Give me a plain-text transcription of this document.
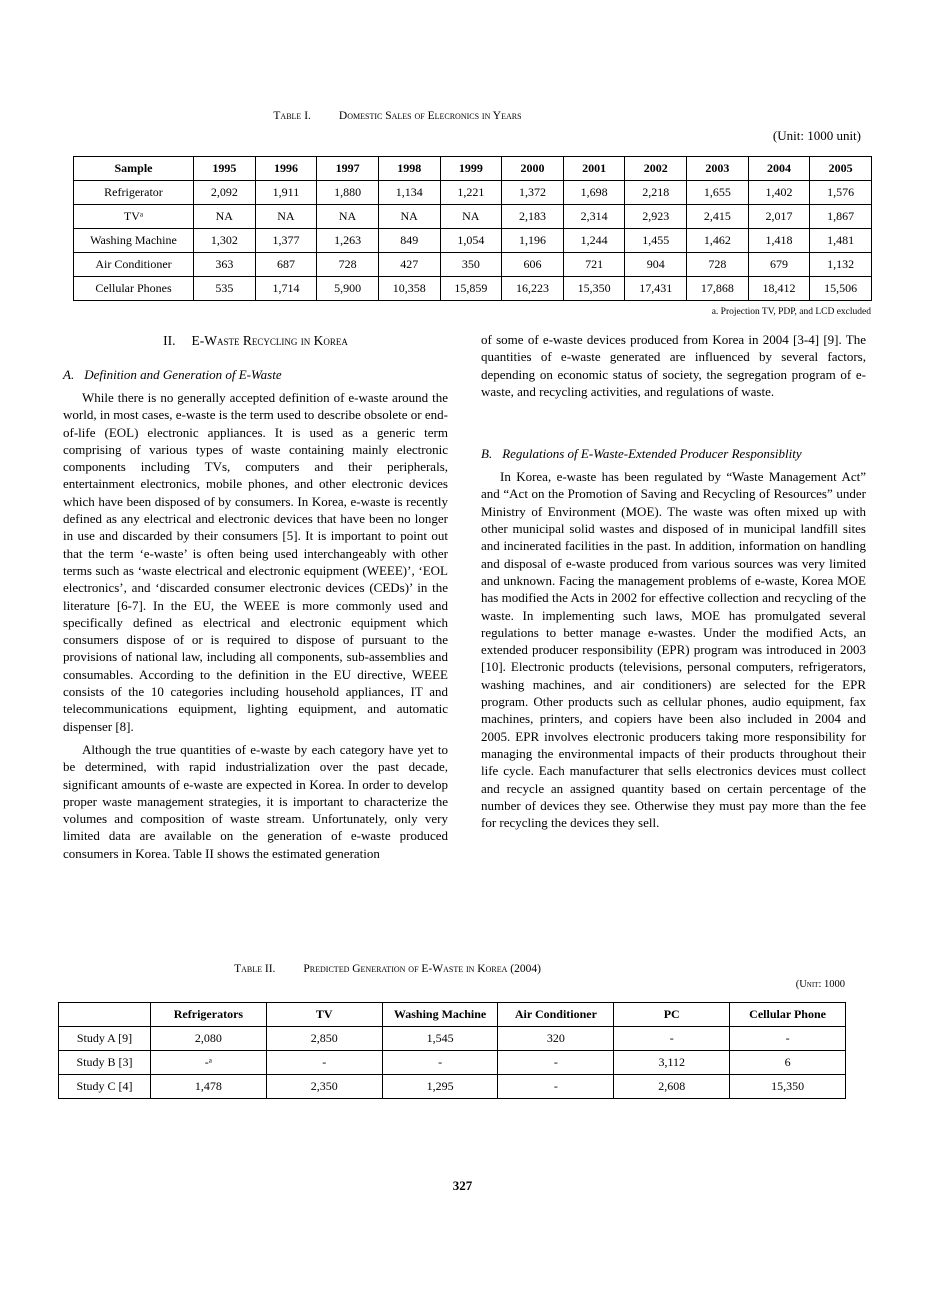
Table I. Domestic Sales of Elecronics in Years
(Unit: 1000 unit)
Sample	1995	1996	1997	1998	1999	2000	2001	2002	2003	2004	2005
Refrigerator	2,092	1,911	1,880	1,134	1,221	1,372	1,698	2,218	1,655	1,402	1,576
TVᵃ	NA	NA	NA	NA	NA	2,183	2,314	2,923	2,415	2,017	1,867
Washing Machine	1,302	1,377	1,263	849	1,054	1,196	1,244	1,455	1,462	1,418	1,481
Air Conditioner	363	687	728	427	350	606	721	904	728	679	1,132
Cellular Phones	535	1,714	5,900	10,358	15,859	16,223	15,350	17,431	17,868	18,412	15,506
a. Projection TV, PDP, and LCD excluded
II. E-Waste Recycling in Korea
A. Definition and Generation of E-Waste

While there is no generally accepted definition of e-waste around the world, in most cases, e-waste is the term used to describe obsolete or end-of-life (EOL) electronic appliances. It is used as a generic term comprising of various types of waste containing mainly electronic components including TVs, computers and their peripherals, entertainment electronics, mobile phones, and other electronic devices which have been disposed of by consumers. In Korea, e-waste is recently defined as any electrical and electronic devices that have been no longer in use and discarded by their consumers [5]. It is important to point out that the term ‘e-waste’ is often being used interchangeably with other terms such as ‘waste electrical and electronic equipment (WEEE)’, ‘EOL electronics’, and ‘discarded consumer electronic devices (CEDs)’ in the literature [6-7]. In the EU, the WEEE is more commonly used and specifically defined as electrical and electronic equipment which consumers dispose of or is required to dispose of pursuant to the provisions of national law, including all components, sub-assemblies and consumables. According to the definition in the EU directive, WEEE consists of the 10 categories including household appliances, IT and telecommunications equipment, lighting equipment, and automatic dispenser [8].

Although the true quantities of e-waste by each category have yet to be determined, with rapid industrialization over the past decade, significant amounts of e-waste are expected in Korea. In order to develop proper waste management strategies, it is important to characterize the volumes and composition of waste stream. Unfortunately, only very limited data are available on the generation of e-waste produced consumers in Korea. Table II shows the estimated generation

of some of e-waste devices produced from Korea in 2004 [3-4] [9]. The quantities of e-waste generated are influenced by several factors, depending on economic status of society, the segregation program of e-waste, and recycling activities, and regulations of waste.

B. Regulations of E-Waste-Extended Producer Responsiblity

In Korea, e-waste has been regulated by “Waste Management Act” and “Act on the Promotion of Saving and Recycling of Resources” under Ministry of Environment (MOE). The waste was often mixed up with other municipal solid wastes and disposed of in municipal landfill sites and incinerated facilities in the past. In addition, information on handling and disposal of e-waste produced from various sources was very limited and unknown. Facing the management problems of e-waste, Korea MOE has modified the Acts in 2002 for effective collection and recycling of the waste. In implementing such laws, MOE has promulgated several regulations to better manage e-wastes. Under the modified Acts, an extended producer responsibility (EPR) program was introduced in 2003 [10]. Electronic products (televisions, personal computers, refrigerators, washing machines, and air conditioners) are selected for the EPR program. Other products such as cellular phones, audio equipment, fax machines, printers, and copiers have been also included in 2004 and 2005. EPR involves electronic producers taking more responsibility for managing the environmental impacts of their products throughout their life cycle. Each manufacturer that sells electronics devices must collect and recycle an assigned quantity based on certain percentage of the number of devices they see. Otherwise they must pay more than the fee for recycling the devices they sell.

Table II. Predicted Generation of E-Waste in Korea (2004)
(Unit: 1000
	Refrigerators	TV	Washing Machine	Air Conditioner	PC	Cellular Phone
Study A [9]	2,080	2,850	1,545	320	-	-
Study B [3]	-ᵃ	-	-	-	3,112	6
Study C [4]	1,478	2,350	1,295	-	2,608	15,350
327
